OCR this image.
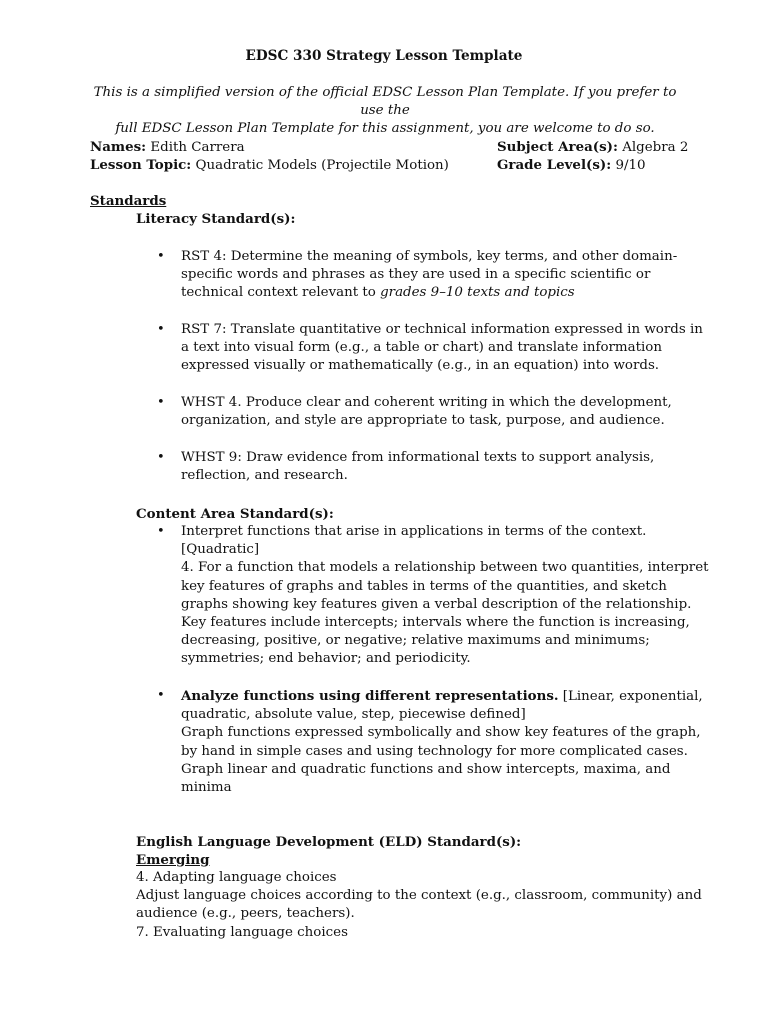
EDSC 330 Strategy Lesson Template
This is a simplified version of the official EDSC Lesson Plan Template. If you prefer to use the
full EDSC Lesson Plan Template for this assignment, you are welcome to do so.
Names: Edith Carrera	Subject Area(s): Algebra 2
Lesson Topic: Quadratic Models (Projectile Motion)	Grade Level(s): 9/10
Standards
Literacy Standard(s):
• RST 4: Determine the meaning of symbols, key terms, and other domain-
specific words and phrases as they are used in a specific scientific or
technical context relevant to grades 9–10 texts and topics
• RST 7: Translate quantitative or technical information expressed in words in
a text into visual form (e.g., a table or chart) and translate information
expressed visually or mathematically (e.g., in an equation) into words.
• WHST 4. Produce clear and coherent writing in which the development,
organization, and style are appropriate to task, purpose, and audience.
• WHST 9: Draw evidence from informational texts to support analysis,
reflection, and research.
Content Area Standard(s):
• Interpret functions that arise in applications in terms of the context.
[Quadratic]
4. For a function that models a relationship between two quantities, interpret
key features of graphs and tables in terms of the quantities, and sketch
graphs showing key features given a verbal description of the relationship.
Key features include intercepts; intervals where the function is increasing,
decreasing, positive, or negative; relative maximums and minimums;
symmetries; end behavior; and periodicity.
• Analyze functions using different representations. [Linear, exponential,
quadratic, absolute value, step, piecewise defined]
Graph functions expressed symbolically and show key features of the graph,
by hand in simple cases and using technology for more complicated cases.
Graph linear and quadratic functions and show intercepts, maxima, and
minima
English Language Development (ELD) Standard(s):
Emerging
4. Adapting language choices
Adjust language choices according to the context (e.g., classroom, community) and
audience (e.g., peers, teachers).
7. Evaluating language choices
